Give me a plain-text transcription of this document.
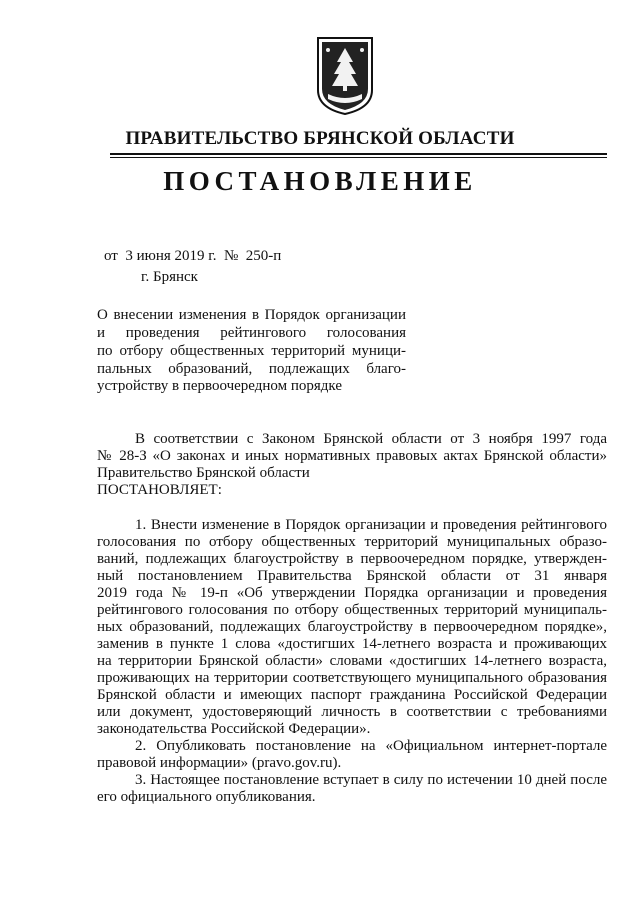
ПРАВИТЕЛЬСТВО БРЯНСКОЙ ОБЛАСТИ
ПОСТАНОВЛЕНИЕ
от  3 июня 2019 г.  №  250-п
г. Брянск
О внесении изменения в Порядок организации
и проведения рейтингового голосования
по отбору общественных территорий муници-
пальных образований, подлежащих благо-
устройству в первоочередном порядке
В соответствии с Законом Брянской области от 3 ноября 1997 года
№ 28-З «О законах и иных нормативных правовых актах Брянской области»
Правительство Брянской области
ПОСТАНОВЛЯЕТ:
1. Внести изменение в Порядок организации и проведения рейтингового
голосования по отбору общественных территорий муниципальных образо-
ваний, подлежащих благоустройству в первоочередном порядке, утвержден-
ный постановлением Правительства Брянской области от 31 января
2019 года № 19-п «Об утверждении Порядка организации и проведения
рейтингового голосования по отбору общественных территорий муниципаль-
ных образований, подлежащих благоустройству в первоочередном порядке»,
заменив в пункте 1 слова «достигших 14-летнего возраста и проживающих
на территории Брянской области» словами «достигших 14-летнего возраста,
проживающих на территории соответствующего муниципального образования
Брянской области и имеющих паспорт гражданина Российской Федерации
или документ, удостоверяющий личность в соответствии с требованиями
законодательства Российской Федерации».
2. Опубликовать постановление на «Официальном интернет-портале
правовой информации» (pravo.gov.ru).
3. Настоящее постановление вступает в силу по истечении 10 дней после
его официального опубликования.
